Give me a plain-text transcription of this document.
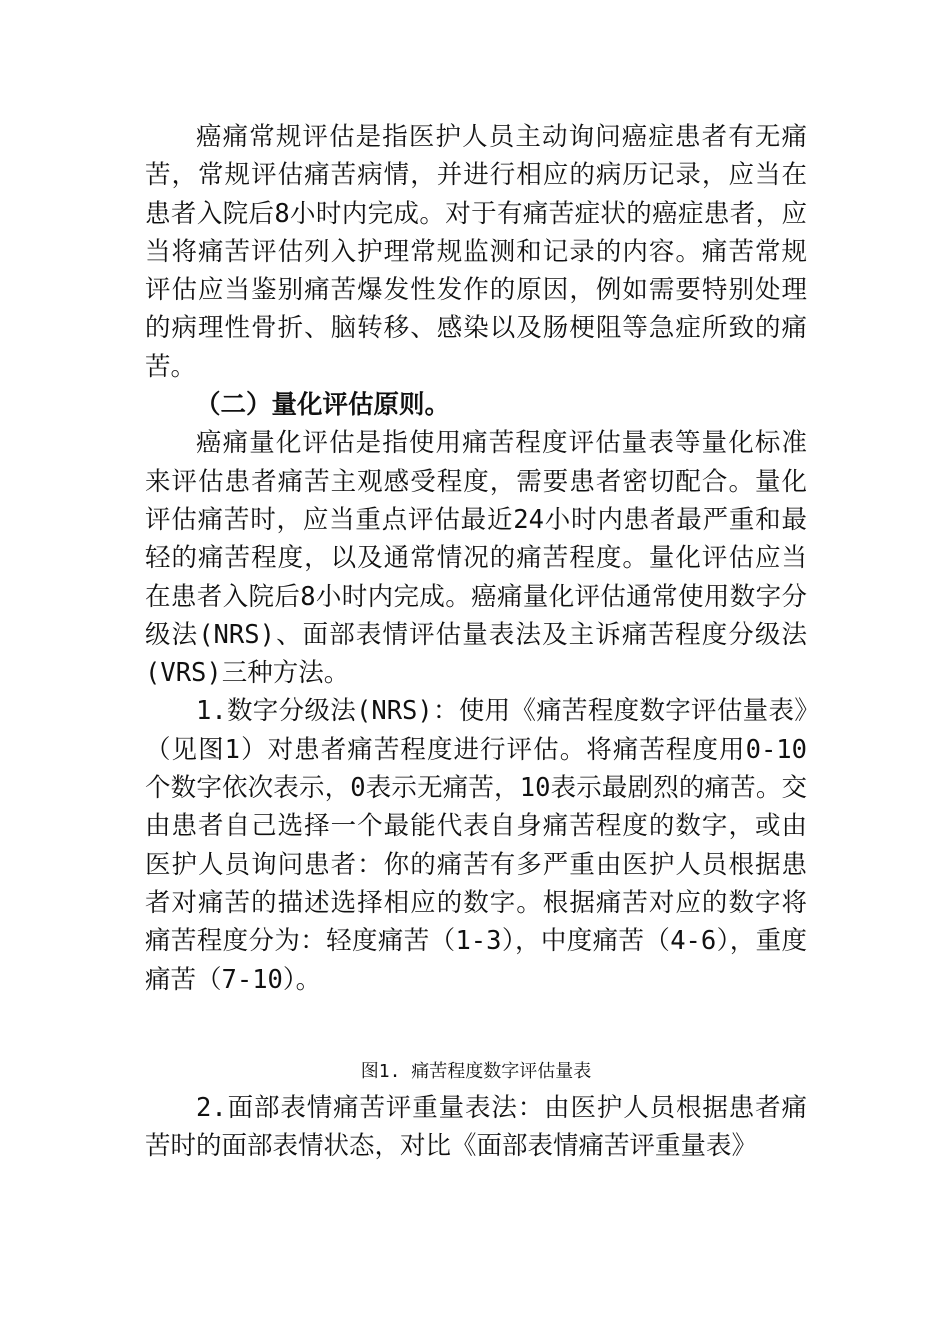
癌痛常规评估是指医护人员主动询问癌症患者有无痛苦，常规评估痛苦病情，并进行相应的病历记录，应当在患者入院后8小时内完成。对于有痛苦症状的癌症患者，应当将痛苦评估列入护理常规监测和记录的内容。痛苦常规评估应当鉴别痛苦爆发性发作的原因，例如需要特别处理的病理性骨折、脑转移、感染以及肠梗阻等急症所致的痛苦。

（二）量化评估原则。

癌痛量化评估是指使用痛苦程度评估量表等量化标准来评估患者痛苦主观感受程度，需要患者密切配合。量化评估痛苦时，应当重点评估最近24小时内患者最严重和最轻的痛苦程度，以及通常情况的痛苦程度。量化评估应当在患者入院后8小时内完成。癌痛量化评估通常使用数字分级法(NRS)、面部表情评估量表法及主诉痛苦程度分级法(VRS)三种方法。

1.数字分级法(NRS)：使用《痛苦程度数字评估量表》（见图1）对患者痛苦程度进行评估。将痛苦程度用0-10个数字依次表示，0表示无痛苦，10表示最剧烈的痛苦。交由患者自己选择一个最能代表自身痛苦程度的数字，或由医护人员询问患者：你的痛苦有多严重由医护人员根据患者对痛苦的描述选择相应的数字。根据痛苦对应的数字将痛苦程度分为：轻度痛苦（1-3），中度痛苦（4-6），重度痛苦（7-10）。

图1. 痛苦程度数字评估量表

2.面部表情痛苦评重量表法：由医护人员根据患者痛苦时的面部表情状态，对比《面部表情痛苦评重量表》
